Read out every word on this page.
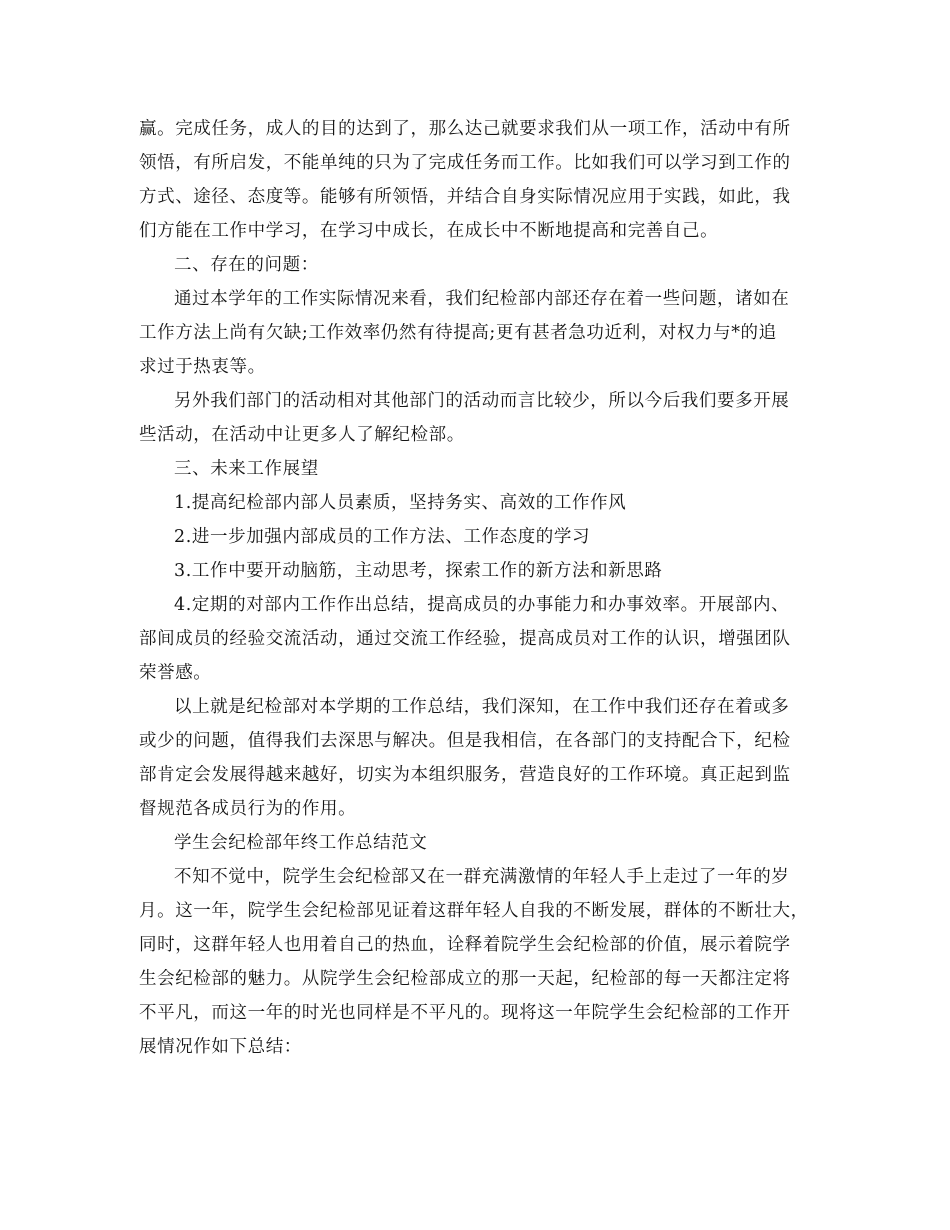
赢。完成任务，成人的目的达到了，那么达己就要求我们从一项工作，活动中有所
领悟，有所启发，不能单纯的只为了完成任务而工作。比如我们可以学习到工作的
方式、途径、态度等。能够有所领悟，并结合自身实际情况应用于实践，如此，我
们方能在工作中学习，在学习中成长，在成长中不断地提高和完善自己。
二、存在的问题：
通过本学年的工作实际情况来看，我们纪检部内部还存在着一些问题，诸如在
工作方法上尚有欠缺;工作效率仍然有待提高;更有甚者急功近利，对权力与*的追
求过于热衷等。
另外我们部门的活动相对其他部门的活动而言比较少，所以今后我们要多开展
些活动，在活动中让更多人了解纪检部。
三、未来工作展望
1.提高纪检部内部人员素质，坚持务实、高效的工作作风
2.进一步加强内部成员的工作方法、工作态度的学习
3.工作中要开动脑筋，主动思考，探索工作的新方法和新思路
4.定期的对部内工作作出总结，提高成员的办事能力和办事效率。开展部内、
部间成员的经验交流活动，通过交流工作经验，提高成员对工作的认识，增强团队
荣誉感。
以上就是纪检部对本学期的工作总结，我们深知，在工作中我们还存在着或多
或少的问题，值得我们去深思与解决。但是我相信，在各部门的支持配合下，纪检
部肯定会发展得越来越好，切实为本组织服务，营造良好的工作环境。真正起到监
督规范各成员行为的作用。
学生会纪检部年终工作总结范文
不知不觉中，院学生会纪检部又在一群充满激情的年轻人手上走过了一年的岁
月。这一年，院学生会纪检部见证着这群年轻人自我的不断发展，群体的不断壮大，
同时，这群年轻人也用着自己的热血，诠释着院学生会纪检部的价值，展示着院学
生会纪检部的魅力。从院学生会纪检部成立的那一天起，纪检部的每一天都注定将
不平凡，而这一年的时光也同样是不平凡的。现将这一年院学生会纪检部的工作开
展情况作如下总结：
